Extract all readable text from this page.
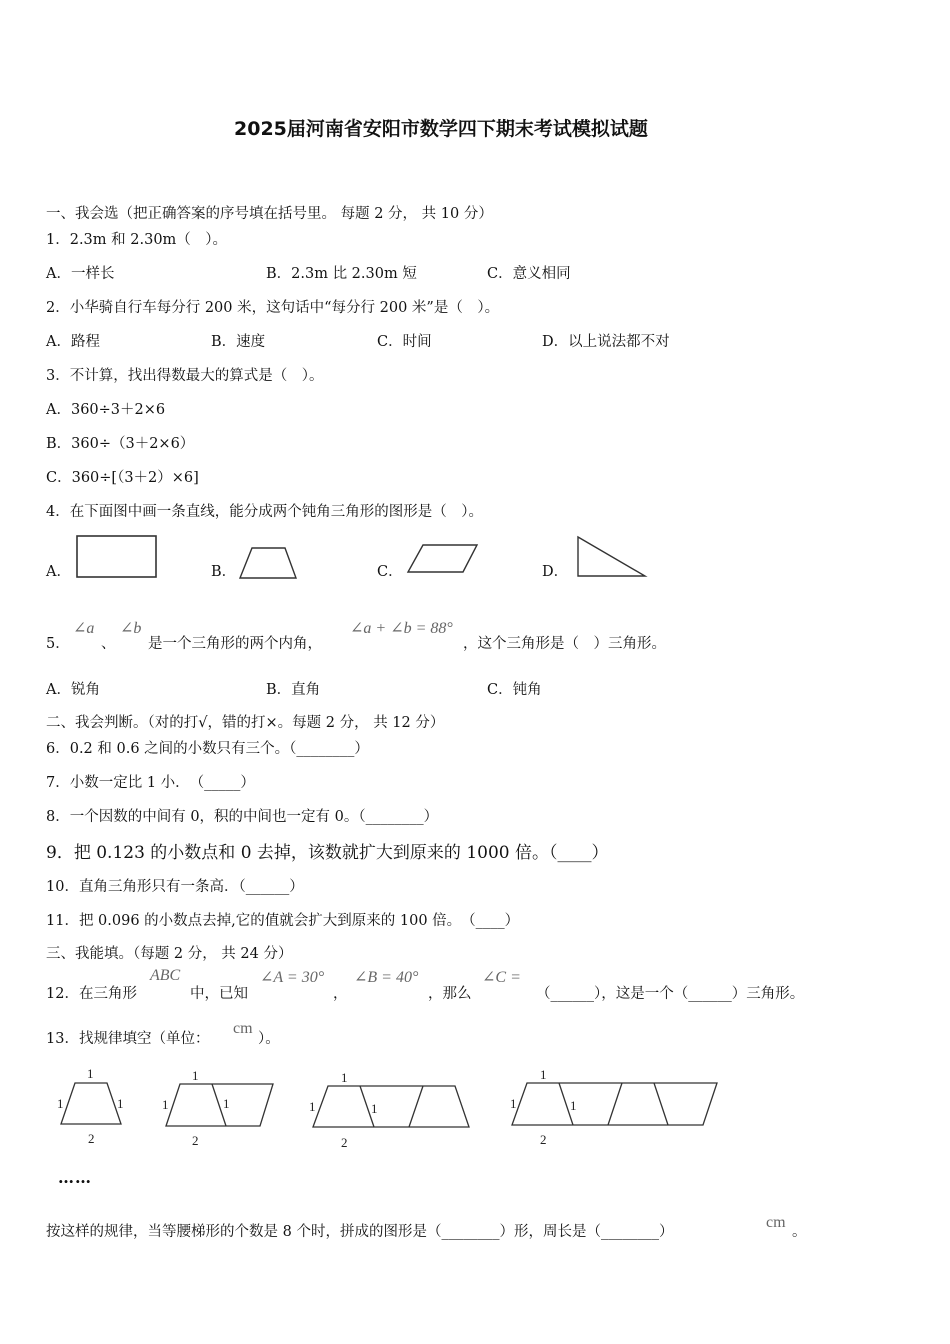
2025届河南省安阳市数学四下期末考试模拟试题
一、我会选（把正确答案的序号填在括号里。 每题 2 分， 共 10 分）
1．2.3m 和 2.30m（　）。
A．一样长	B．2.3m 比 2.30m 短	C．意义相同
2．小华骑自行车每分行 200 米，这句话中“每分行 200 米”是（　）。
A．路程	B．速度	C．时间	D．以上说法都不对
3．不计算，找出得数最大的算式是（　）。
A．360÷3＋2×6
B．360÷（3＋2×6）
C．360÷[（3＋2）×6]
4．在下面图中画一条直线，能分成两个钝角三角形的图形是（　）。
A．	B．	C．	D．
5．
∠a
、
∠b
是一个三角形的两个内角，
∠a + ∠b = 88°
，这个三角形是（　）三角形。
A．锐角	B．直角	C．钝角
二、我会判断。（对的打√，错的打×。每题 2 分， 共 12 分）
6．0.2 和 0.6 之间的小数只有三个。（________）
7．小数一定比 1 小．　（_____）
8．一个因数的中间有 0，积的中间也一定有 0。（________）
9．把 0.123 的小数点和 0 去掉，该数就扩大到原来的 1000 倍。（____）
10．直角三角形只有一条高．（______）
11．把 0.096 的小数点去掉,它的值就会扩大到原来的 100 倍。　（____）
三、我能填。（每题 2 分， 共 24 分）
12．在三角形
ABC
中，已知
∠A = 30°
，
∠B = 40°
，那么
∠C =
（______），这是一个（______）三角形。
13．找规律填空（单位：
cm
）。
1
1	1
2
1
1	1
2
1
1	1
2
1
1	1
2
……
按这样的规律，当等腰梯形的个数是 8 个时，拼成的图形是（________）形，周长是（________）
cm
。
